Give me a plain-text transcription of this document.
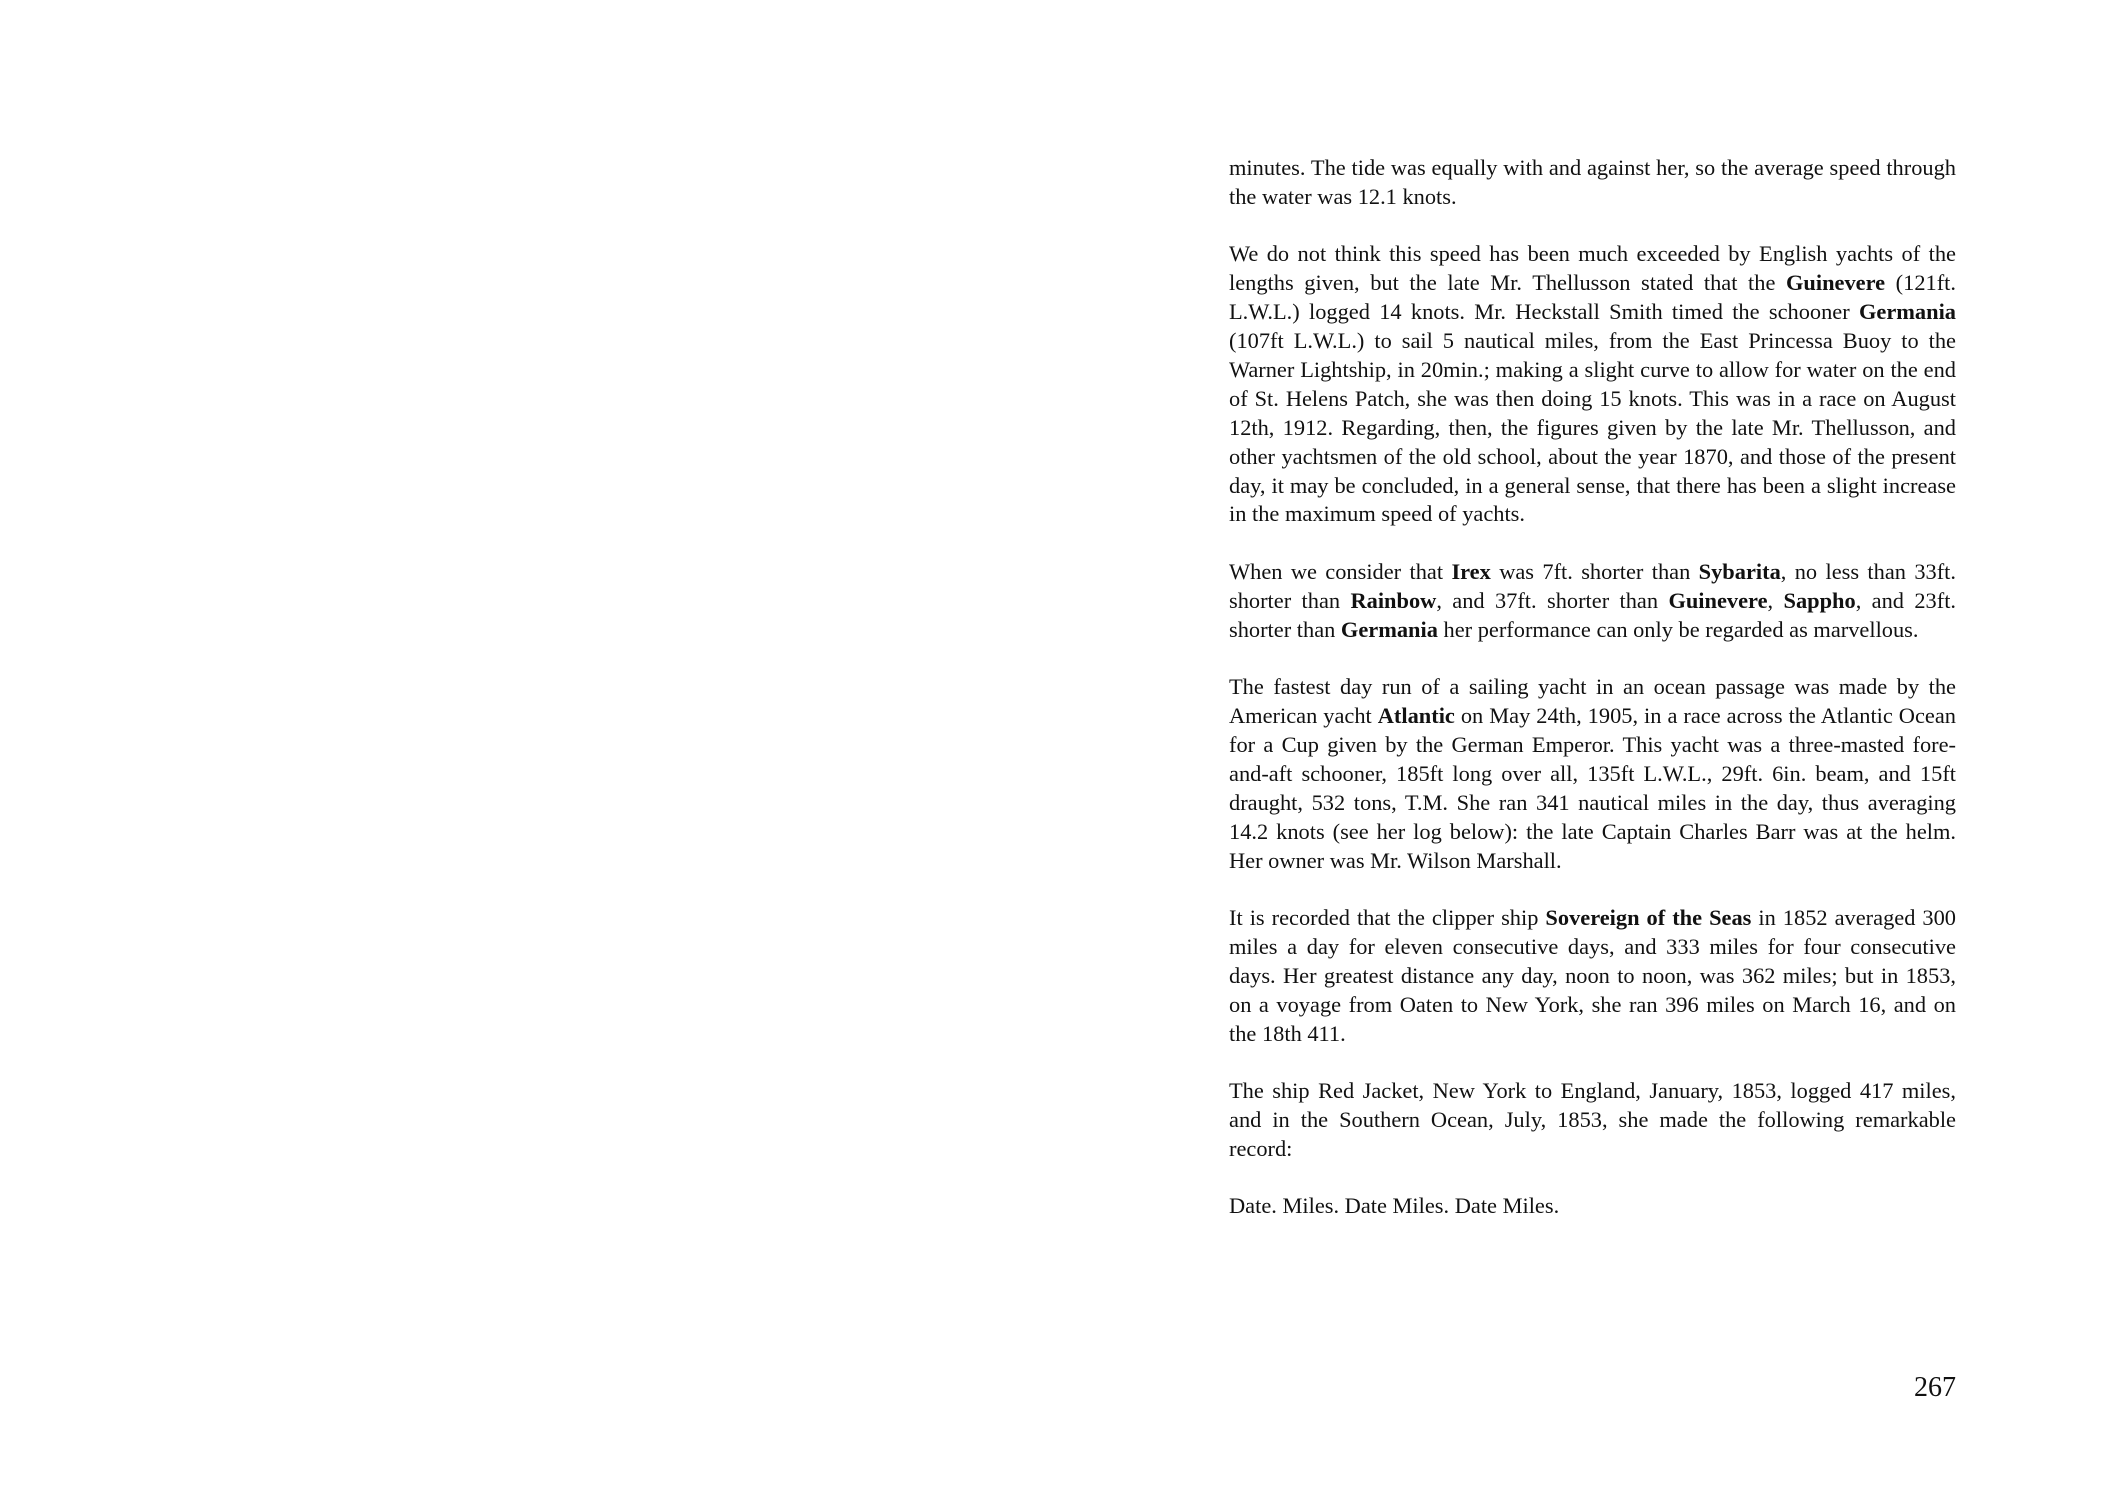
minutes. The tide was equally with and against her, so the average speed through the water was 12.1 knots.

We do not think this speed has been much exceeded by English yachts of the lengths given, but the late Mr. Thellusson stated that the Guinevere (121ft. L.W.L.) logged 14 knots. Mr. Heckstall Smith timed the schooner Germania (107ft L.W.L.) to sail 5 nautical miles, from the East Princessa Buoy to the Warner Lightship, in 20min.; making a slight curve to allow for water on the end of St. Helens Patch, she was then doing 15 knots. This was in a race on August 12th, 1912. Regarding, then, the figures given by the late Mr. Thellusson, and other yachtsmen of the old school, about the year 1870, and those of the present day, it may be concluded, in a general sense, that there has been a slight increase in the maximum speed of yachts.

When we consider that Irex was 7ft. shorter than Sybarita, no less than 33ft. shorter than Rainbow, and 37ft. shorter than Guinevere, Sappho, and 23ft. shorter than Germania her performance can only be regarded as marvellous.

The fastest day run of a sailing yacht in an ocean passage was made by the American yacht Atlantic on May 24th, 1905, in a race across the Atlantic Ocean for a Cup given by the German Emperor. This yacht was a three-masted fore-and-aft schooner, 185ft long over all, 135ft L.W.L., 29ft. 6in. beam, and 15ft draught, 532 tons, T.M. She ran 341 nautical miles in the day, thus averaging 14.2 knots (see her log below): the late Captain Charles Barr was at the helm. Her owner was Mr. Wilson Marshall.

It is recorded that the clipper ship Sovereign of the Seas in 1852 averaged 300 miles a day for eleven consecutive days, and 333 miles for four consecutive days. Her greatest distance any day, noon to noon, was 362 miles; but in 1853, on a voyage from Oaten to New York, she ran 396 miles on March 16, and on the 18th 411.

The ship Red Jacket, New York to England, January, 1853, logged 417 miles, and in the Southern Ocean, July, 1853, she made the following remarkable record:

Date. Miles. Date Miles. Date Miles.

267
